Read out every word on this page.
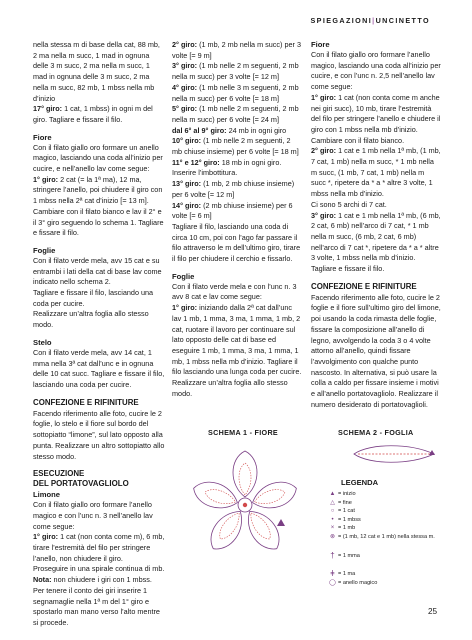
SPIEGAZIONI|UNCINETTO

nella stessa m di base della cat, 88 mb, 2 ma nella m succ, 1 mad in ognuna delle 3 m succ, 2 ma nella m succ, 1 mad in ognuna delle 3 m succ, 2 ma nella m succ, 82 mb, 1 mbss nella mb d’inizio

17° giro: 1 cat, 1 mbss) in ogni m del giro. Tagliare e fissare il filo.

Fiore

Con il filato giallo oro formare un anello magico, lasciando una coda all’inizio per cucire, e nell’anello lav come segue:

1° giro: 2 cat (= la 1ª ma), 12 ma, stringere l’anello, poi chiudere il giro con 1 mbss nella 2ª cat d’inizio [= 13 m].

Cambiare con il filato bianco e lav il 2° e il 3° giro seguendo lo schema 1. Tagliare e fissare il filo.

Foglie

Con il filato verde mela, avv 15 cat e su entrambi i lati della cat di base lav come indicato nello schema 2.

Tagliare e fissare il filo, lasciando una coda per cucire.

Realizzare un’altra foglia allo stesso modo.

Stelo

Con il filato verde mela, avv 14 cat, 1 mma nella 3ª cat dall’unc e in ognuna delle 10 cat succ. Tagliare e fissare il filo, lasciando una coda per cucire.

CONFEZIONE E RIFINITURE

Facendo riferimento alle foto, cucire le 2 foglie, lo stelo e il fiore sul bordo del sottopiatto “limone”, sul lato opposto alla punta. Realizzare un altro sottopiatto allo stesso modo.

ESECUZIONE
DEL PORTATOVAGLIOLO
Limone

Con il filato giallo oro formare l’anello magico e con l’unc n. 3 nell’anello lav come segue:

1° giro: 1 cat (non conta come m), 6 mb, tirare l’estremità del filo per stringere l’anello, non chiudere il giro.

Proseguire in una spirale continua di mb.

Nota: non chiudere i giri con 1 mbss. Per tenere il conto dei giri inserire 1 segnamaglie nella 1ª m del 1° giro e spostarlo man mano verso l’alto mentre si procede.

2° giro: (1 mb, 2 mb nella m succ) per 3 volte [= 9 m]

3° giro: (1 mb nelle 2 m seguenti, 2 mb nella m succ) per 3 volte [= 12 m]

4° giro: (1 mb nelle 3 m seguenti, 2 mb nella m succ) per 6 volte [= 18 m]

5° giro: (1 mb nelle 2 m seguenti, 2 mb nella m succ) per 6 volte [= 24 m]

dal 6° al 9° giro: 24 mb in ogni giro

10° giro: (1 mb nelle 2 m seguenti, 2 mb chiuse insieme) per 6 volte [= 18 m]

11° e 12° giro: 18 mb in ogni giro.

Inserire l’imbottitura.

13° giro: (1 mb, 2 mb chiuse insieme) per 6 volte [= 12 m]

14° giro: (2 mb chiuse insieme) per 6 volte [= 6 m]

Tagliare il filo, lasciando una coda di circa 10 cm, poi con l’ago far passare il filo attraverso le m dell’ultimo giro, tirare il filo per chiudere il cerchio e fissarlo.

Foglie

Con il filato verde mela e con l’unc n. 3 avv 8 cat e lav come segue:

1° giro: iniziando dalla 2ª cat dall’unc lav 1 mb, 1 mma, 3 ma, 1 mma, 1 mb, 2 cat, ruotare il lavoro per continuare sul lato opposto delle cat di base ed eseguire 1 mb, 1 mma, 3 ma, 1 mma, 1 mb, 1 mbss nella mb d’inizio. Tagliare il filo lasciando una lunga coda per cucire.

Realizzare un’altra foglia allo stesso modo.

Fiore

Con il filato giallo oro formare l’anello magico, lasciando una coda all’inizio per cucire, e con l’unc n. 2,5 nell’anello lav come segue:

1° giro: 1 cat (non conta come m anche nei giri succ), 10 mb, tirare l’estremità del filo per stringere l’anello e chiudere il giro con 1 mbss nella mb d’inizio.

Cambiare con il filato bianco.

2° giro: 1 cat e 1 mb nella 1ª mb, (1 mb, 7 cat, 1 mb) nella m succ, * 1 mb nella m succ, (1 mb, 7 cat, 1 mb) nella m succ *, ripetere da * a * altre 3 volte, 1 mbss nella mb d’inizio.

Ci sono 5 archi di 7 cat.

3° giro: 1 cat e 1 mb nella 1ª mb, (6 mb, 2 cat, 6 mb) nell’arco di 7 cat, * 1 mb nella m succ, (6 mb, 2 cat, 6 mb) nell’arco di 7 cat *, ripetere da * a * altre 3 volte, 1 mbss nella mb d’inizio. Tagliare e fissare il filo.

CONFEZIONE E RIFINITURE

Facendo riferimento alle foto, cucire le 2 foglie e il fiore sull’ultimo giro del limone, poi usando la coda rimasta delle foglie, fissare la composizione all’anello di legno, avvolgendo la coda 3 o 4 volte attorno all’anello, quindi fissare l’avvolgimento con qualche punto nascosto. In alternativa, si può usare la colla a caldo per fissare insieme i motivi e all’anello portatovagliolo. Realizzare il numero desiderato di portatovaglioli.

SCHEMA 1 - FIORE	SCHEMA 2 - FOGLIA
LEGENDA
▲ = inizio
△ = fine
○ = 1 cat
• = 1 mbss
× = 1 mb
⊗ = (1 mb, 12 cat e 1 mb) nella stessa m.
† = 1 mma
ǂ = 1 ma
◯ = anello magico
25
